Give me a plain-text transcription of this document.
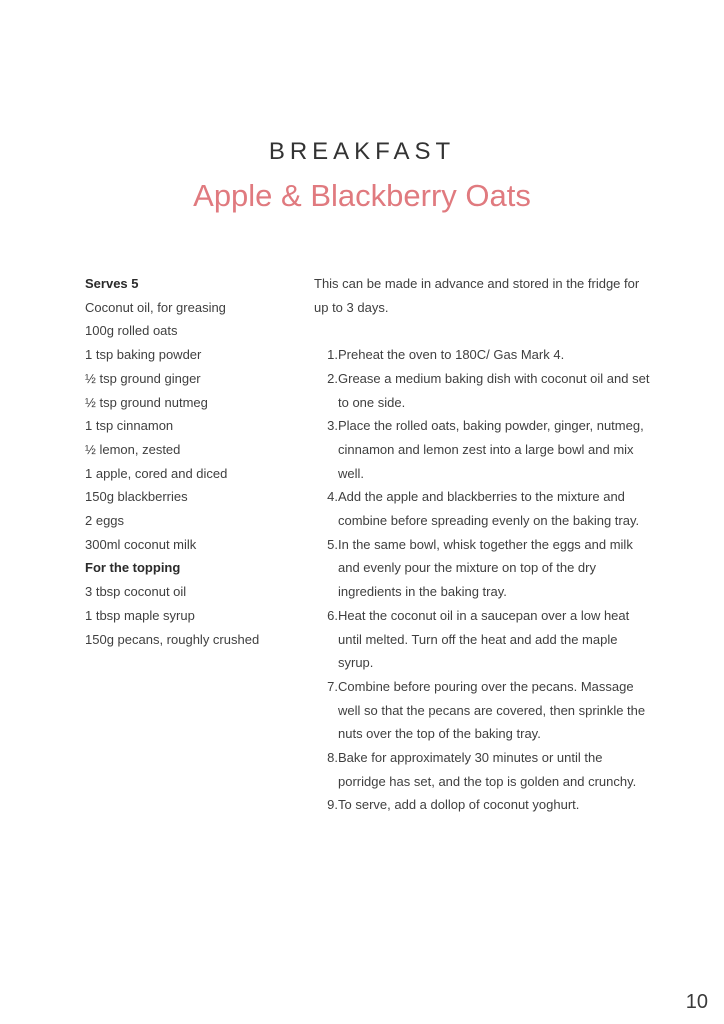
BREAKFAST
Apple & Blackberry Oats
Serves 5
Coconut oil, for greasing
100g rolled oats
1 tsp baking powder
½ tsp ground ginger
½ tsp ground nutmeg
1 tsp cinnamon
½ lemon, zested
1 apple, cored and diced
150g blackberries
2 eggs
300ml coconut milk
For the topping
3 tbsp coconut oil
1 tbsp maple syrup
150g pecans, roughly crushed

This can be made in advance and stored in the fridge for up to 3 days.

1. Preheat the oven to 180C/ Gas Mark 4.
2. Grease a medium baking dish with coconut oil and set to one side.
3. Place the rolled oats, baking powder, ginger, nutmeg, cinnamon and lemon zest into a large bowl and mix well.
4. Add the apple and blackberries to the mixture and combine before spreading evenly on the baking tray.
5. In the same bowl, whisk together the eggs and milk and evenly pour the mixture on top of the dry ingredients in the baking tray.
6. Heat the coconut oil in a saucepan over a low heat until melted. Turn off the heat and add the maple syrup.
7. Combine before pouring over the pecans. Massage well so that the pecans are covered, then sprinkle the nuts over the top of the baking tray.
8. Bake for approximately 30 minutes or until the porridge has set, and the top is golden and crunchy.
9. To serve, add a dollop of coconut yoghurt.
10
